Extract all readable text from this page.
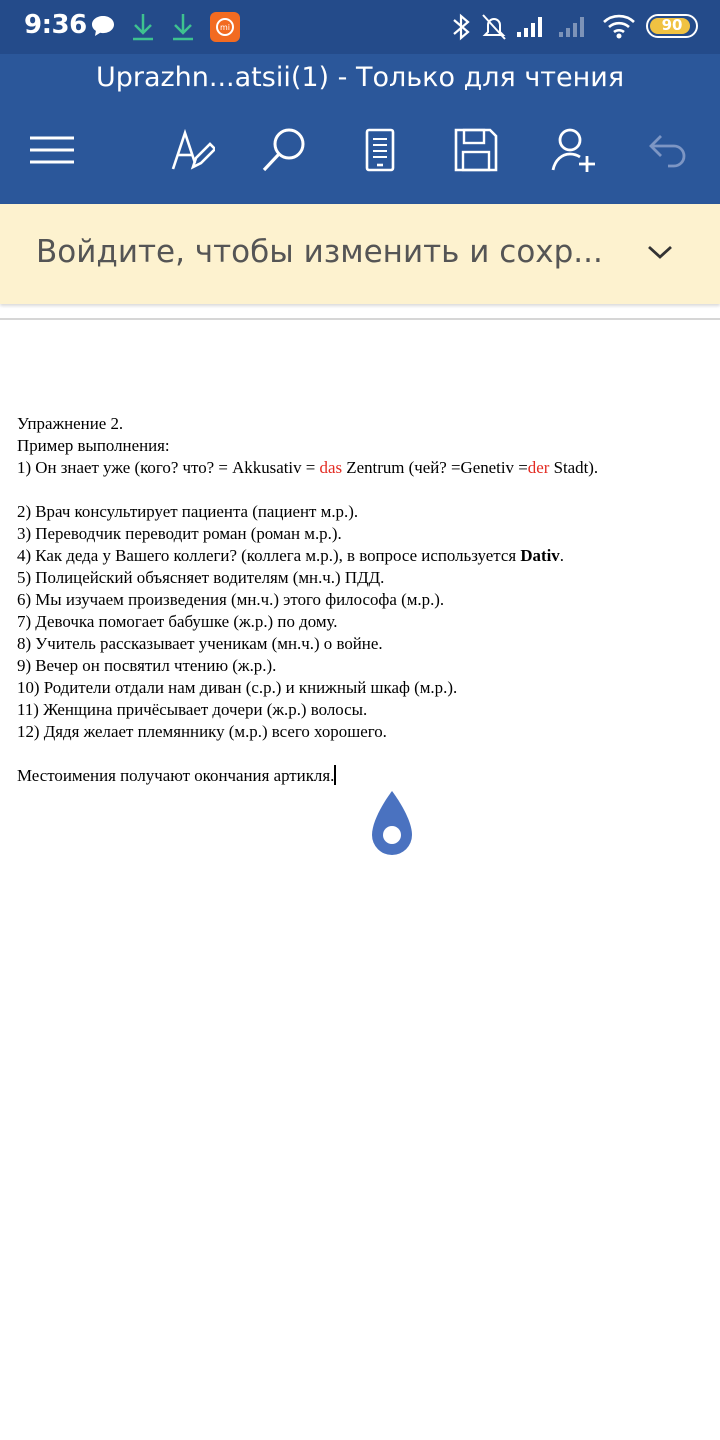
9:36	mi	90
Uprazhn...atsii(1) - Только для чтения
Войдите, чтобы изменить и сохр...
Упражнение 2.
Пример выполнения:
1) Он знает уже (кого? что? = Akkusativ = das Zentrum (чей? =Genetiv =der Stadt).
2) Врач консультирует пациента (пациент м.р.).
3) Переводчик переводит роман (роман м.р.).
4) Как деда у Вашего коллеги? (коллега м.р.), в вопросе используется Dativ.
5) Полицейский объясняет водителям (мн.ч.) ПДД.
6) Мы изучаем произведения (мн.ч.) этого философа (м.р.).
7) Девочка помогает бабушке (ж.р.) по дому.
8) Учитель рассказывает ученикам (мн.ч.) о войне.
9) Вечер он посвятил чтению (ж.р.).
10) Родители отдали нам диван (с.р.) и книжный шкаф (м.р.).
11) Женщина причёсывает дочери (ж.р.) волосы.
12) Дядя желает племяннику (м.р.) всего хорошего.
Местоимения получают окончания артикля.
